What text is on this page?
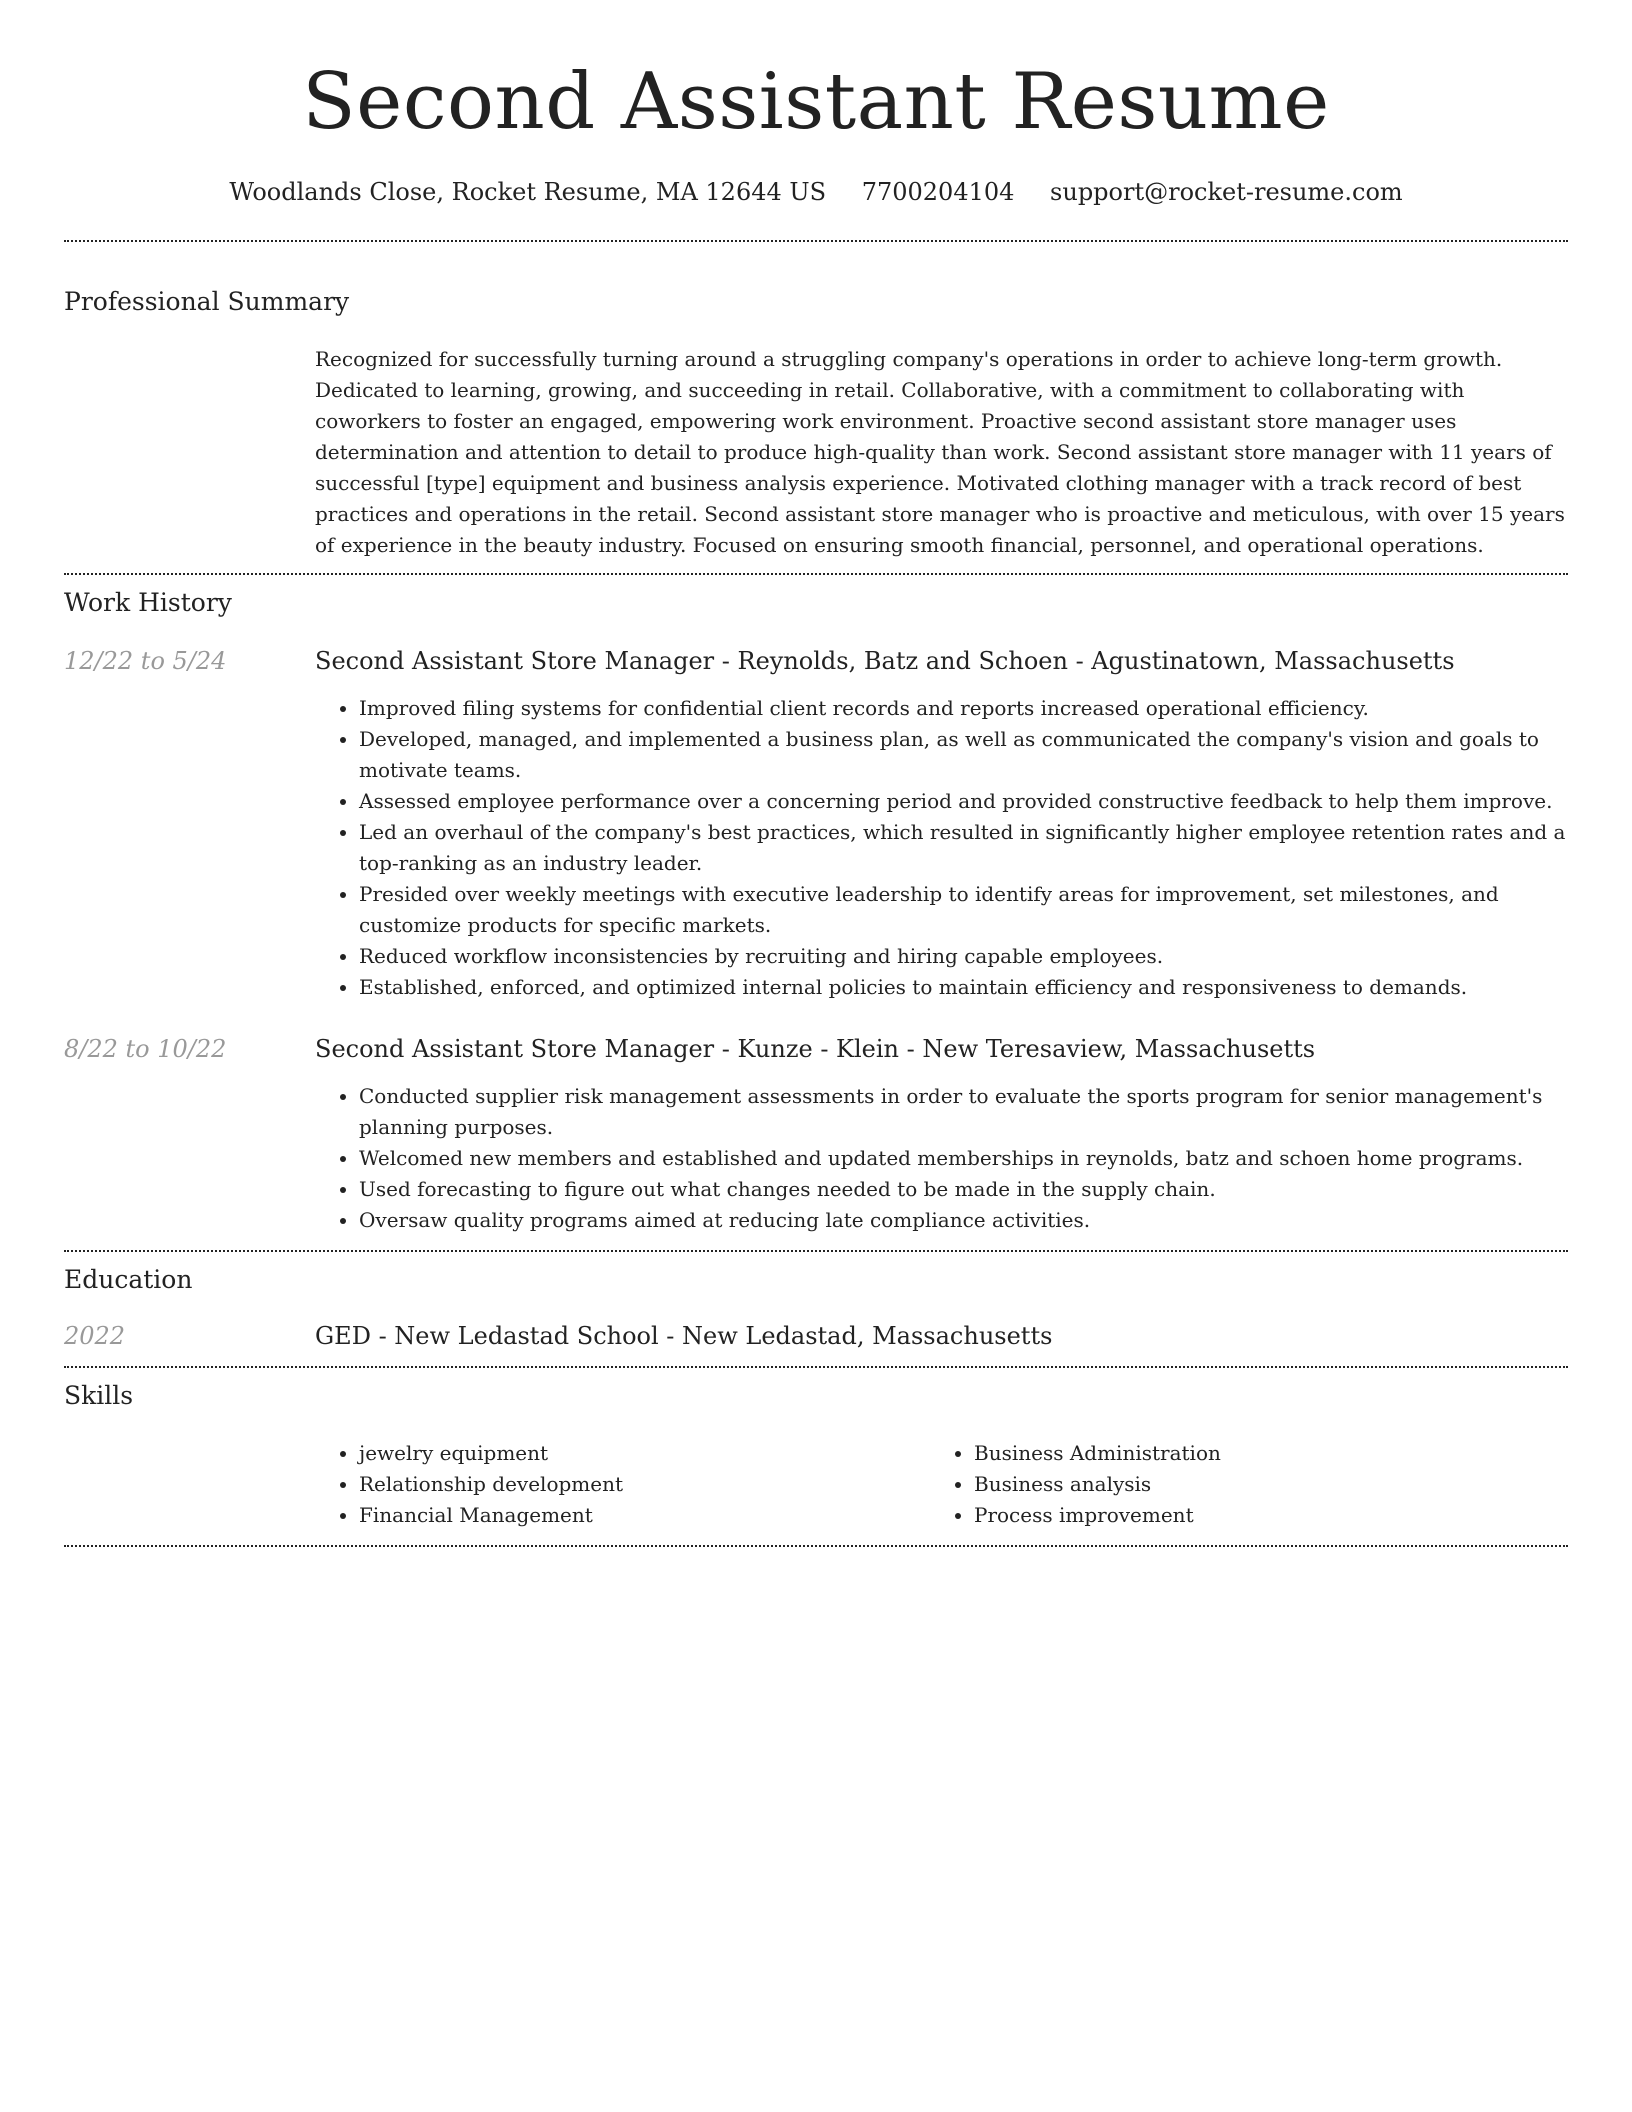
Second Assistant Resume
Woodlands Close, Rocket Resume, MA 12644 US 7700204104 support@rocket-resume.com
Professional Summary

Recognized for successfully turning around a struggling company's operations in order to achieve long-term growth. Dedicated to learning, growing, and succeeding in retail. Collaborative, with a commitment to collaborating with coworkers to foster an engaged, empowering work environment. Proactive second assistant store manager uses determination and attention to detail to produce high-quality than work. Second assistant store manager with 11 years of successful [type] equipment and business analysis experience. Motivated clothing manager with a track record of best practices and operations in the retail. Second assistant store manager who is proactive and meticulous, with over 15 years of experience in the beauty industry. Focused on ensuring smooth financial, personnel, and operational operations.

Work History
12/22 to 5/24	Second Assistant Store Manager - Reynolds, Batz and Schoen - Agustinatown, Massachusetts
• Improved filing systems for confidential client records and reports increased operational efficiency.
• Developed, managed, and implemented a business plan, as well as communicated the company's vision and goals to motivate teams.
• Assessed employee performance over a concerning period and provided constructive feedback to help them improve.
• Led an overhaul of the company's best practices, which resulted in significantly higher employee retention rates and a top-ranking as an industry leader.
• Presided over weekly meetings with executive leadership to identify areas for improvement, set milestones, and customize products for specific markets.
• Reduced workflow inconsistencies by recruiting and hiring capable employees.
• Established, enforced, and optimized internal policies to maintain efficiency and responsiveness to demands.
8/22 to 10/22	Second Assistant Store Manager - Kunze - Klein - New Teresaview, Massachusetts
• Conducted supplier risk management assessments in order to evaluate the sports program for senior management's planning purposes.
• Welcomed new members and established and updated memberships in reynolds, batz and schoen home programs.
• Used forecasting to figure out what changes needed to be made in the supply chain.
• Oversaw quality programs aimed at reducing late compliance activities.
Education
2022	GED - New Ledastad School - New Ledastad, Massachusetts
Skills
• jewelry equipment
• Relationship development
• Financial Management
• Business Administration
• Business analysis
• Process improvement
